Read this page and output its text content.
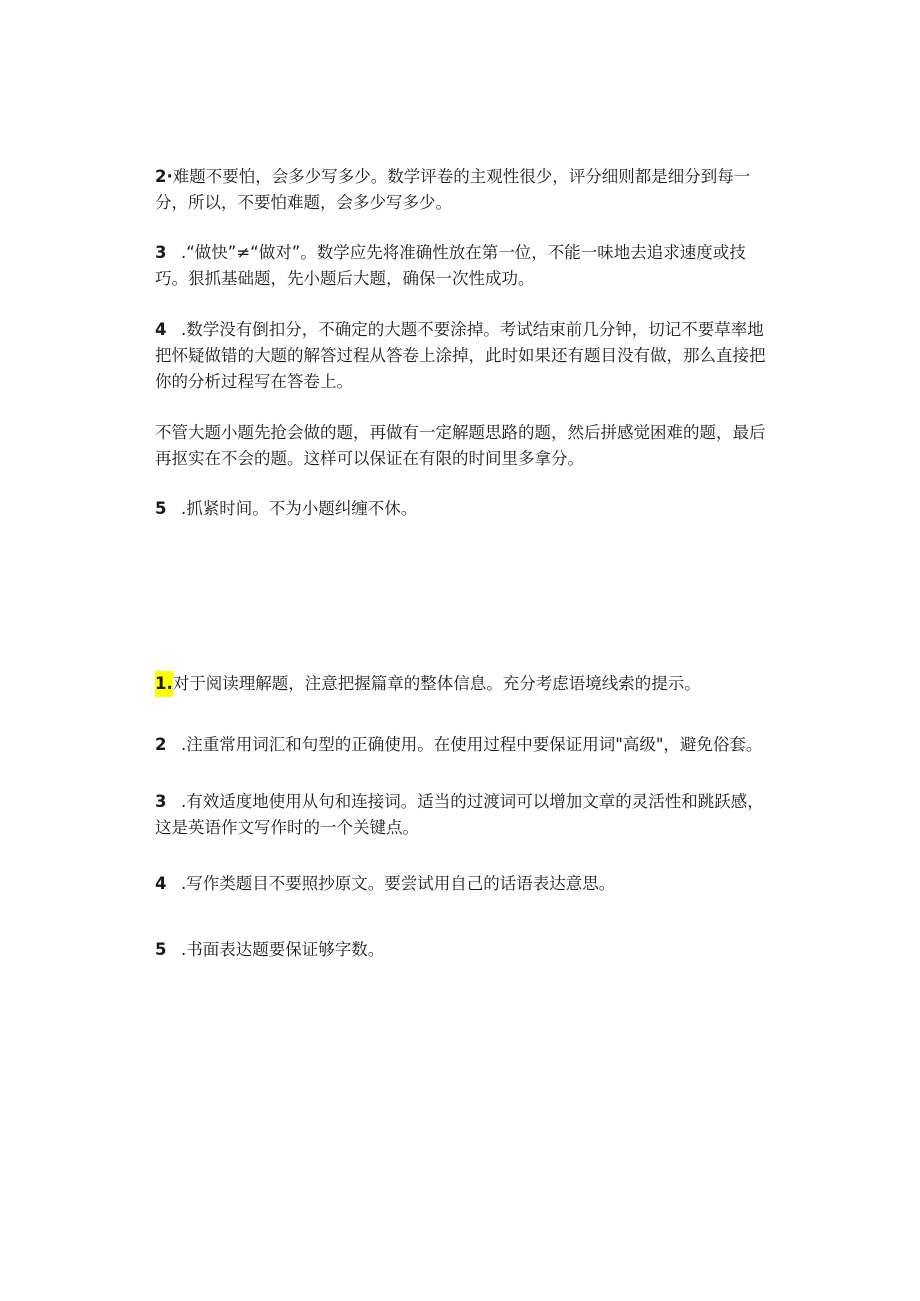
2·难题不要怕，会多少写多少。数学评卷的主观性很少，评分细则都是细分到每一分，所以，不要怕难题，会多少写多少。
3 .“做快”≠“做对”。数学应先将准确性放在第一位，不能一味地去追求速度或技巧。狠抓基础题，先小题后大题，确保一次性成功。
4 .数学没有倒扣分，不确定的大题不要涂掉。考试结束前几分钟，切记不要草率地把怀疑做错的大题的解答过程从答卷上涂掉，此时如果还有题目没有做，那么直接把你的分析过程写在答卷上。
不管大题小题先抢会做的题，再做有一定解题思路的题，然后拼感觉困难的题，最后再抠实在不会的题。这样可以保证在有限的时间里多拿分。
5 .抓紧时间。不为小题纠缠不休。
1.对于阅读理解题，注意把握篇章的整体信息。充分考虑语境线索的提示。
2 .注重常用词汇和句型的正确使用。在使用过程中要保证用词"高级"，避免俗套。
3 .有效适度地使用从句和连接词。适当的过渡词可以增加文章的灵活性和跳跃感，这是英语作文写作时的一个关键点。
4 .写作类题目不要照抄原文。要尝试用自己的话语表达意思。
5 .书面表达题要保证够字数。
